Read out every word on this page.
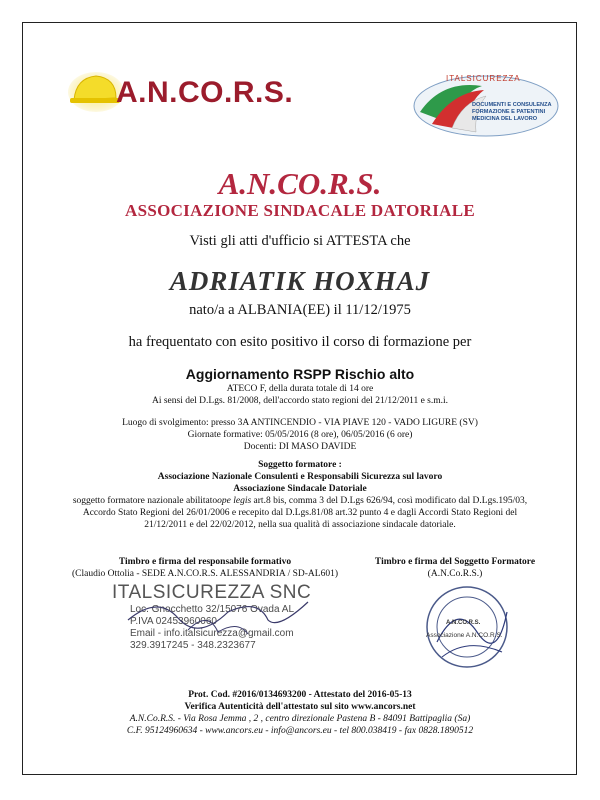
A.N.CO.R.S.	ITALSICUREZZA
DOCUMENTI E CONSULENZA
FORMAZIONE E PATENTINI
MEDICINA DEL LAVORO
A.N.CO.R.S.
ASSOCIAZIONE SINDACALE DATORIALE
Visti gli atti d'ufficio si ATTESTA che
ADRIATIK HOXHAJ
nato/a a ALBANIA(EE) il 11/12/1975
ha frequentato con esito positivo il corso di formazione per
Aggiornamento RSPP Rischio alto
ATECO F, della durata totale di 14 ore
Ai sensi del D.Lgs. 81/2008, dell'accordo stato regioni del 21/12/2011 e s.m.i.
Luogo di svolgimento: presso 3A ANTINCENDIO - VIA PIAVE 120 - VADO LIGURE (SV)
Giornate formative: 05/05/2016 (8 ore), 06/05/2016 (6 ore)
Docenti: DI MASO DAVIDE
Soggetto formatore :
Associazione Nazionale Consulenti e Responsabili Sicurezza sul lavoro
Associazione Sindacale Datoriale
soggetto formatore nazionale abilitatoope legis art.8 bis, comma 3 del D.Lgs 626/94, così modificato dal D.Lgs.195/03,
Accordo Stato Regioni del 26/01/2006 e recepito dal D.Lgs.81/08 art.32 punto 4 e dagli Accordi Stato Regioni del
21/12/2011 e del 22/02/2012, nella sua qualità di associazione sindacale datoriale.
Timbro e firma del responsabile formativo
(Claudio Ottolia - SEDE A.N.CO.R.S. ALESSANDRIA / SD-AL601)
Timbro e firma del Soggetto Formatore
(A.N.Co.R.S.)
ITALSICUREZZA SNC
Loc. Gnocchetto 32/15076 Ovada AL
P.IVA 02453960060
Email - info.italsicurezza@gmail.com
329.3917245 - 348.2323677
A.N.CO.R.S.
Associazione A.N.CO.R.S.
Prot. Cod. #2016/0134693200 - Attestato del 2016-05-13
Verifica Autenticità dell'attestato sul sito www.ancors.net
A.N.Co.R.S. - Via Rosa Jemma , 2 , centro direzionale Pastena B - 84091 Battipaglia (Sa)
C.F. 95124960634 - www.ancors.eu - info@ancors.eu - tel 800.038419 - fax 0828.1890512
